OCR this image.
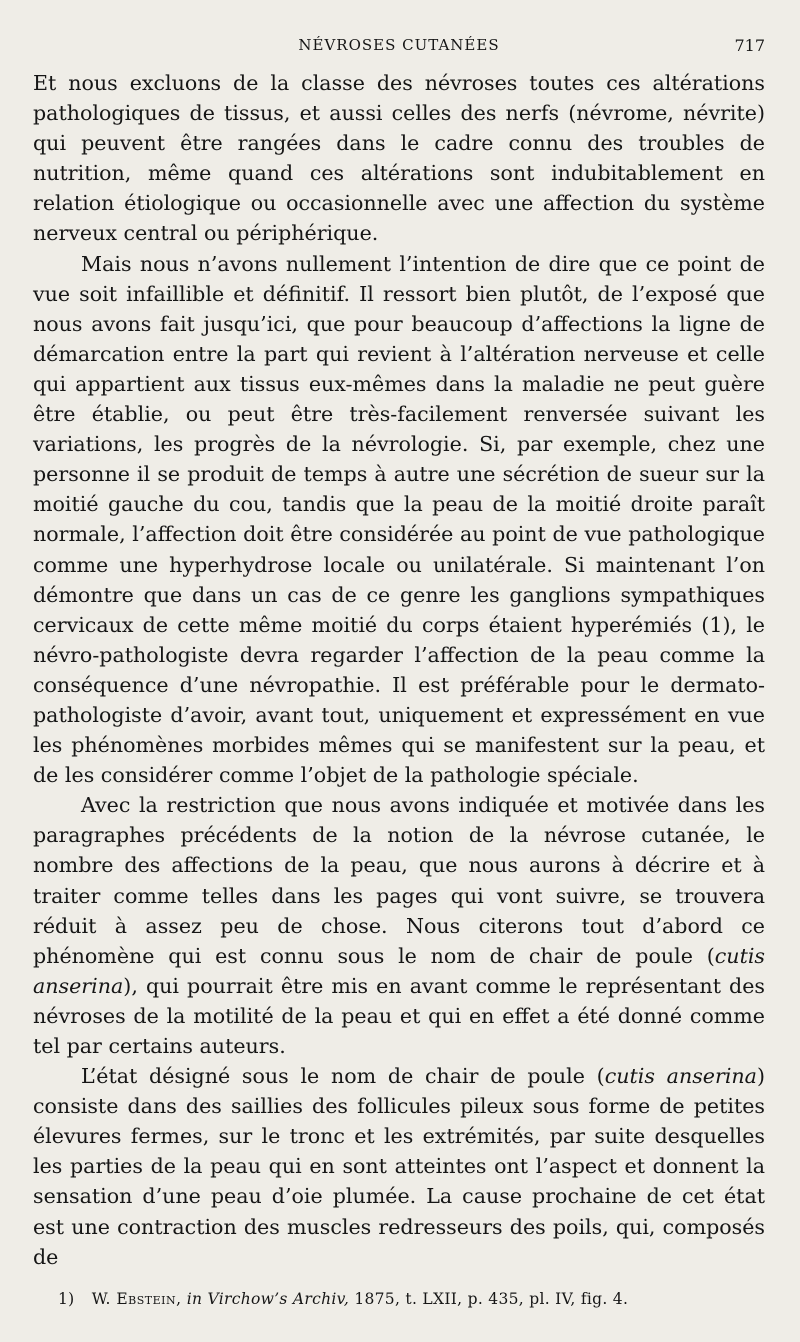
NÉVROSES CUTANÉES	717

Et nous excluons de la classe des névroses toutes ces altérations pathologiques de tissus, et aussi celles des nerfs (névrome, névrite) qui peuvent être rangées dans le cadre connu des troubles de nutrition, même quand ces altérations sont indubitablement en relation étiologique ou occasionnelle avec une affection du système nerveux central ou périphérique.

Mais nous n’avons nullement l’intention de dire que ce point de vue soit infaillible et définitif. Il ressort bien plutôt, de l’exposé que nous avons fait jusqu’ici, que pour beaucoup d’affections la ligne de démarcation entre la part qui revient à l’altération nerveuse et celle qui appartient aux tissus eux-mêmes dans la maladie ne peut guère être établie, ou peut être très-facilement renversée suivant les variations, les progrès de la névrologie. Si, par exemple, chez une personne il se produit de temps à autre une sécrétion de sueur sur la moitié gauche du cou, tandis que la peau de la moitié droite paraît normale, l’affection doit être considérée au point de vue pathologique comme une hyperhydrose locale ou unilatérale. Si maintenant l’on démontre que dans un cas de ce genre les ganglions sympathiques cervicaux de cette même moitié du corps étaient hyperémiés (1), le névro-pathologiste devra regarder l’affection de la peau comme la conséquence d’une névropathie. Il est préférable pour le dermato-pathologiste d’avoir, avant tout, uniquement et expressément en vue les phénomènes morbides mêmes qui se manifestent sur la peau, et de les considérer comme l’objet de la pathologie spéciale.

Avec la restriction que nous avons indiquée et motivée dans les paragraphes précédents de la notion de la névrose cutanée, le nombre des affections de la peau, que nous aurons à décrire et à traiter comme telles dans les pages qui vont suivre, se trouvera réduit à assez peu de chose. Nous citerons tout d’abord ce phénomène qui est connu sous le nom de chair de poule (cutis anserina), qui pourrait être mis en avant comme le représentant des névroses de la motilité de la peau et qui en effet a été donné comme tel par certains auteurs.

L’état désigné sous le nom de chair de poule (cutis anserina) consiste dans des saillies des follicules pileux sous forme de petites élevures fermes, sur le tronc et les extrémités, par suite desquelles les parties de la peau qui en sont atteintes ont l’aspect et donnent la sensation d’une peau d’oie plumée. La cause prochaine de cet état est une contraction des muscles redresseurs des poils, qui, composés de

1) W. Ebstein, in Virchow’s Archiv, 1875, t. LXII, p. 435, pl. IV, fig. 4.
